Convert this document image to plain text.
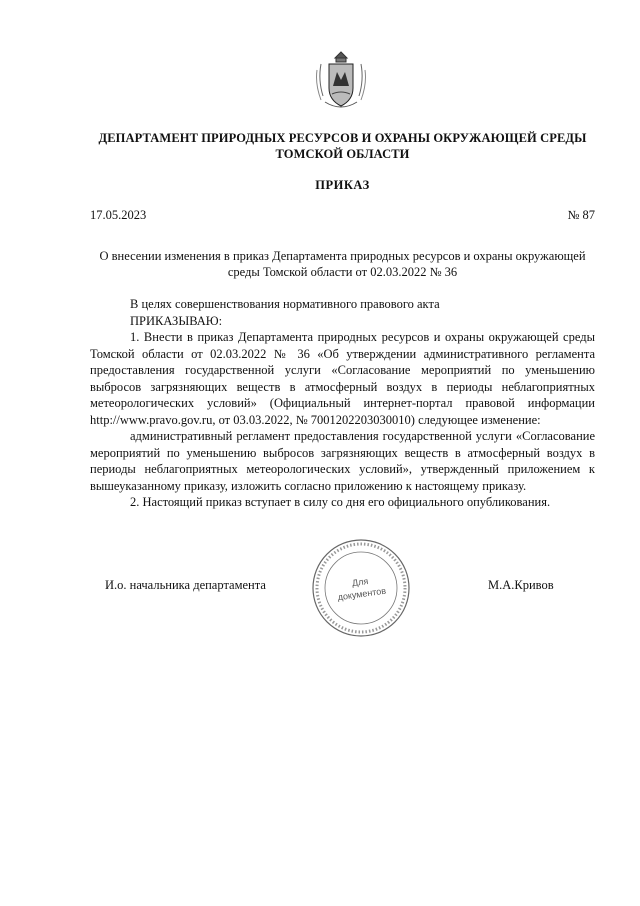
ДЕПАРТАМЕНТ ПРИРОДНЫХ РЕСУРСОВ И ОХРАНЫ ОКРУЖАЮЩЕЙ СРЕДЫ ТОМСКОЙ ОБЛАСТИ
ПРИКАЗ
17.05.2023	№ 87
О внесении изменения в приказ Департамента природных ресурсов и охраны окружающей среды Томской области от 02.03.2022 № 36

В целях совершенствования нормативного правового акта

ПРИКАЗЫВАЮ:

1. Внести в приказ Департамента природных ресурсов и охраны окружающей среды Томской области от 02.03.2022 № 36 «Об утверждении административного регламента предоставления государственной услуги «Согласование мероприятий по уменьшению выбросов загрязняющих веществ в атмосферный воздух в периоды неблагоприятных метеорологических условий» (Официальный интернет-портал правовой информации http://www.pravo.gov.ru, от 03.03.2022, № 7001202203030010) следующее изменение:

административный регламент предоставления государственной услуги «Согласование мероприятий по уменьшению выбросов загрязняющих веществ в атмосферный воздух в периоды неблагоприятных метеорологических условий», утвержденный приложением к вышеуказанному приказу, изложить согласно приложению к настоящему приказу.

2. Настоящий приказ вступает в силу со дня его официального опубликования.

И.о. начальника департамента	М.А.Кривов
Для
документов
